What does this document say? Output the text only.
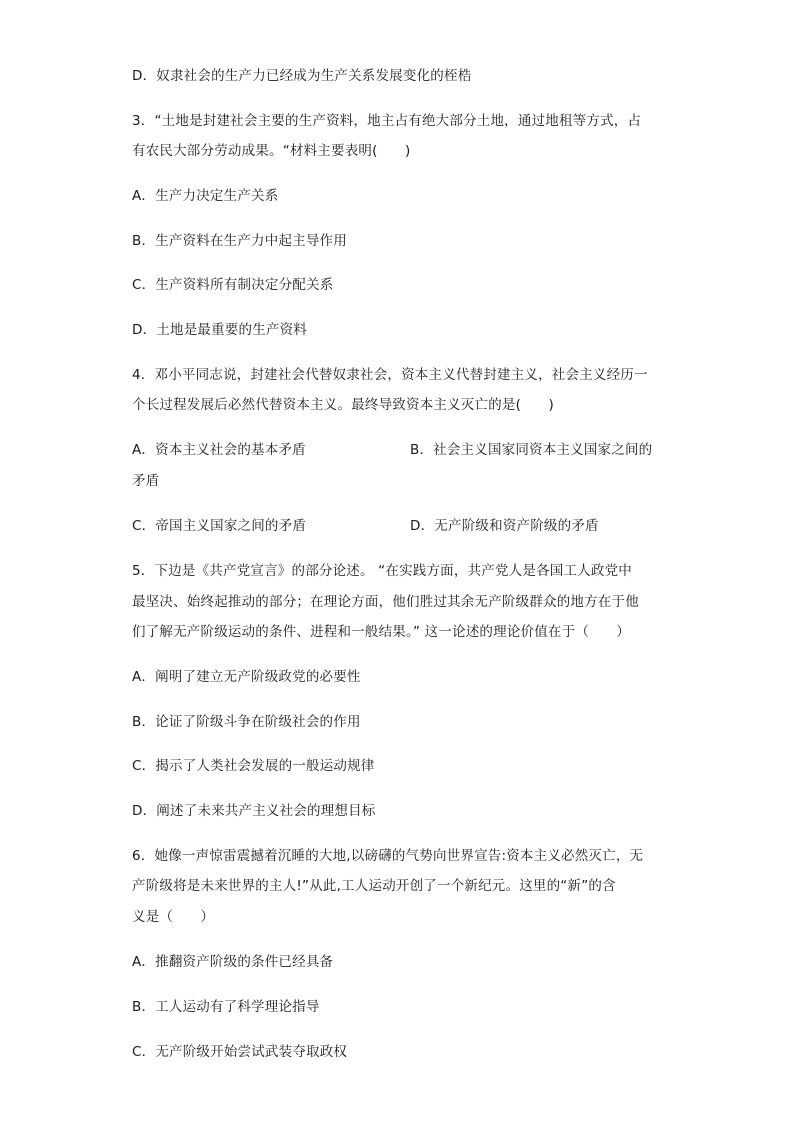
D．奴隶社会的生产力已经成为生产关系发展变化的桎梏
3．“土地是封建社会主要的生产资料，地主占有绝大部分土地，通过地租等方式，占
有农民大部分劳动成果。“材料主要表明(　　)
A．生产力决定生产关系
B．生产资料在生产力中起主导作用
C．生产资料所有制决定分配关系
D．土地是最重要的生产资料
4．邓小平同志说，封建社会代替奴隶社会，资本主义代替封建主义，社会主义经历一
个长过程发展后必然代替资本主义。最终导致资本主义灭亡的是(　　)
A．资本主义社会的基本矛盾	B．社会主义国家同资本主义国家之间的
矛盾
C．帝国主义国家之间的矛盾	D．无产阶级和资产阶级的矛盾
5．下边是《共产党宣言》的部分论述。 “在实践方面，共产党人是各国工人政党中
最坚决、始终起推动的部分；在理论方面，他们胜过其余无产阶级群众的地方在于他
们了解无产阶级运动的条件、进程和一般结果。” 这一论述的理论价值在于（　　）
A．阐明了建立无产阶级政党的必要性
B．论证了阶级斗争在阶级社会的作用
C．揭示了人类社会发展的一般运动规律
D．阐述了未来共产主义社会的理想目标
6．她像一声惊雷震撼着沉睡的大地,以磅礴的气势向世界宣告:资本主义必然灭亡，无
产阶级将是未来世界的主人!”从此,工人运动开创了一个新纪元。这里的“新”的含
义是（　　）
A．推翻资产阶级的条件已经具备
B．工人运动有了科学理论指导
C．无产阶级开始尝试武装夺取政权
